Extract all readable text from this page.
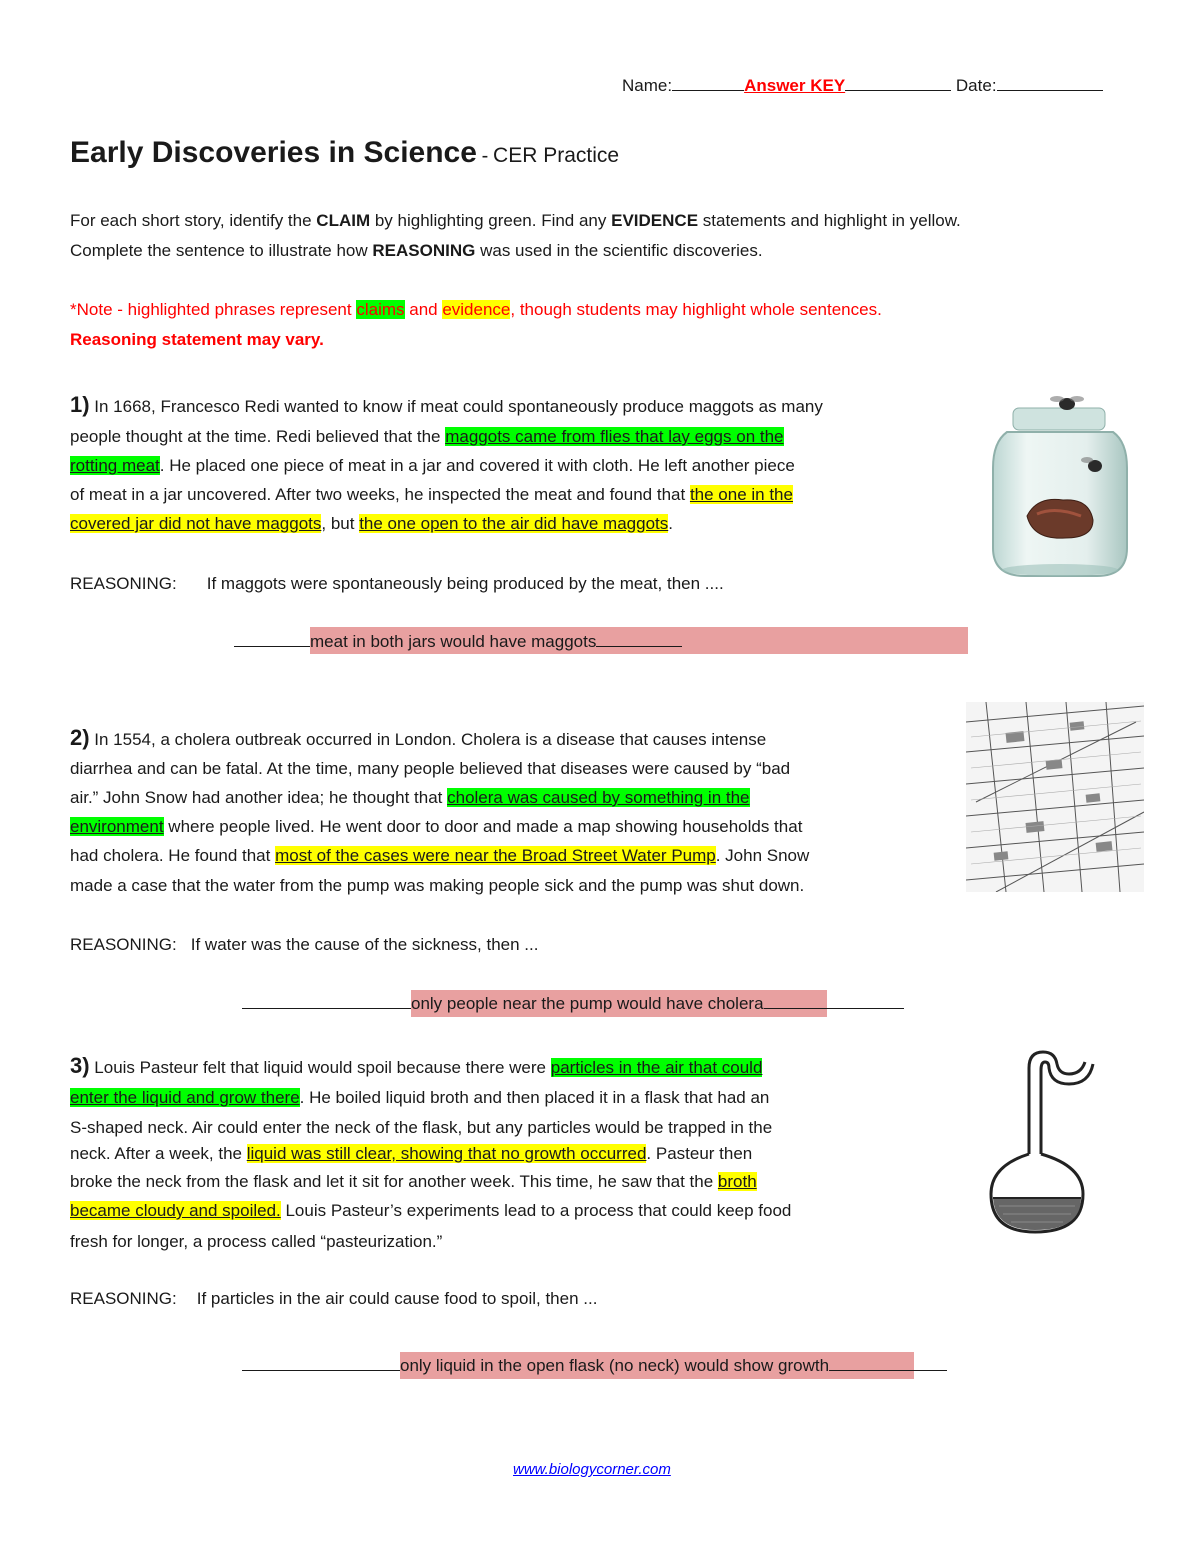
Name:	Answer KEY	Date:
Early Discoveries in Science - CER Practice
For each short story, identify the CLAIM by highlighting green. Find any EVIDENCE statements and highlight in yellow.
Complete the sentence to illustrate how REASONING was used in the scientific discoveries.
*Note - highlighted phrases represent claims and evidence, though students may highlight whole sentences.
Reasoning statement may vary.
1) In 1668, Francesco Redi wanted to know if meat could spontaneously produce maggots as many
people thought at the time. Redi believed that the maggots came from flies that lay eggs on the
rotting meat. He placed one piece of meat in a jar and covered it with cloth. He left another piece
of meat in a jar uncovered. After two weeks, he inspected the meat and found that the one in the
covered jar did not have maggots, but the one open to the air did have maggots.
REASONING: If maggots were spontaneously being produced by the meat, then ....
meat in both jars would have maggots
2) In 1554, a cholera outbreak occurred in London. Cholera is a disease that causes intense
diarrhea and can be fatal. At the time, many people believed that diseases were caused by “bad
air.” John Snow had another idea; he thought that cholera was caused by something in the
environment where people lived. He went door to door and made a map showing households that
had cholera. He found that most of the cases were near the Broad Street Water Pump. John Snow
made a case that the water from the pump was making people sick and the pump was shut down.
REASONING: If water was the cause of the sickness, then ...
only people near the pump would have cholera
3) Louis Pasteur felt that liquid would spoil because there were particles in the air that could
enter the liquid and grow there. He boiled liquid broth and then placed it in a flask that had an
S-shaped neck. Air could enter the neck of the flask, but any particles would be trapped in the
neck. After a week, the liquid was still clear, showing that no growth occurred. Pasteur then
broke the neck from the flask and let it sit for another week. This time, he saw that the broth
became cloudy and spoiled. Louis Pasteur’s experiments lead to a process that could keep food
fresh for longer, a process called “pasteurization.”
REASONING: If particles in the air could cause food to spoil, then ...
only liquid in the open flask (no neck) would show growth
www.biologycorner.com
